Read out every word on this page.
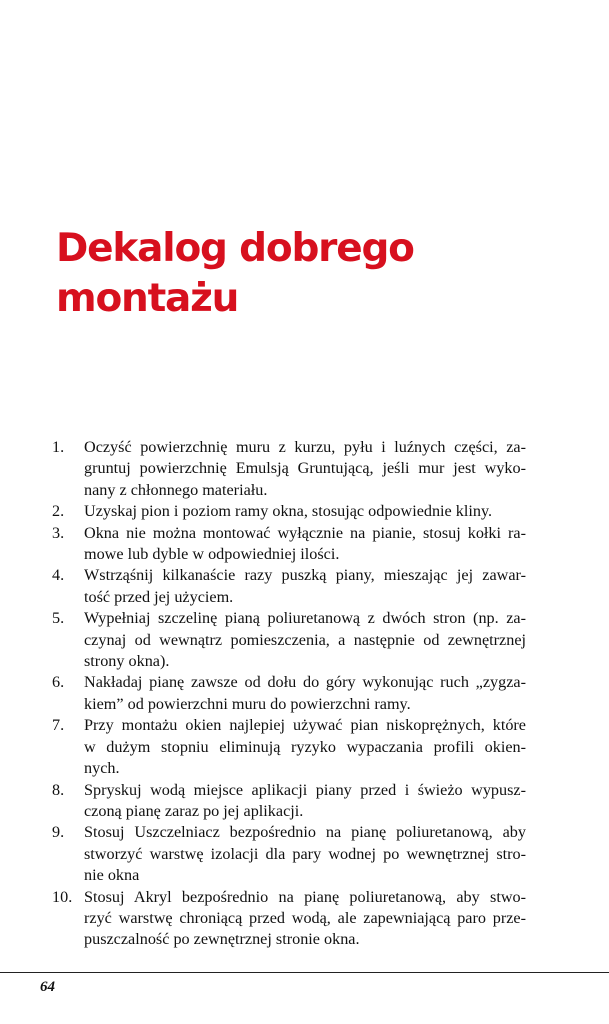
Dekalog dobrego
montażu
1.	Oczyść powierzchnię muru z kurzu, pyłu i luźnych części, za-
gruntuj powierzchnię Emulsją Gruntującą, jeśli mur jest wyko-
nany z chłonnego materiału.
2.	Uzyskaj pion i poziom ramy okna, stosując odpowiednie kliny.
3.	Okna nie można montować wyłącznie na pianie, stosuj kołki ra-
mowe lub dyble w odpowiedniej ilości.
4.	Wstrząśnij kilkanaście razy puszką piany, mieszając jej zawar-
tość przed jej użyciem.
5.	Wypełniaj szczelinę pianą poliuretanową z dwóch stron (np. za-
czynaj od wewnątrz pomieszczenia, a następnie od zewnętrznej
strony okna).
6.	Nakładaj pianę zawsze od dołu do góry wykonując ruch „zygza-
kiem” od powierzchni muru do powierzchni ramy.
7.	Przy montażu okien najlepiej używać pian niskoprężnych, które
w dużym stopniu eliminują ryzyko wypaczania profili okien-
nych.
8.	Spryskuj wodą miejsce aplikacji piany przed i świeżo wypusz-
czoną pianę zaraz po jej aplikacji.
9.	Stosuj Uszczelniacz bezpośrednio na pianę poliuretanową, aby
stworzyć warstwę izolacji dla pary wodnej po wewnętrznej stro-
nie okna
10. Stosuj Akryl bezpośrednio na pianę poliuretanową, aby stwo-
rzyć warstwę chroniącą przed wodą, ale zapewniającą paro prze-
puszczalność po zewnętrznej stronie okna.
64
